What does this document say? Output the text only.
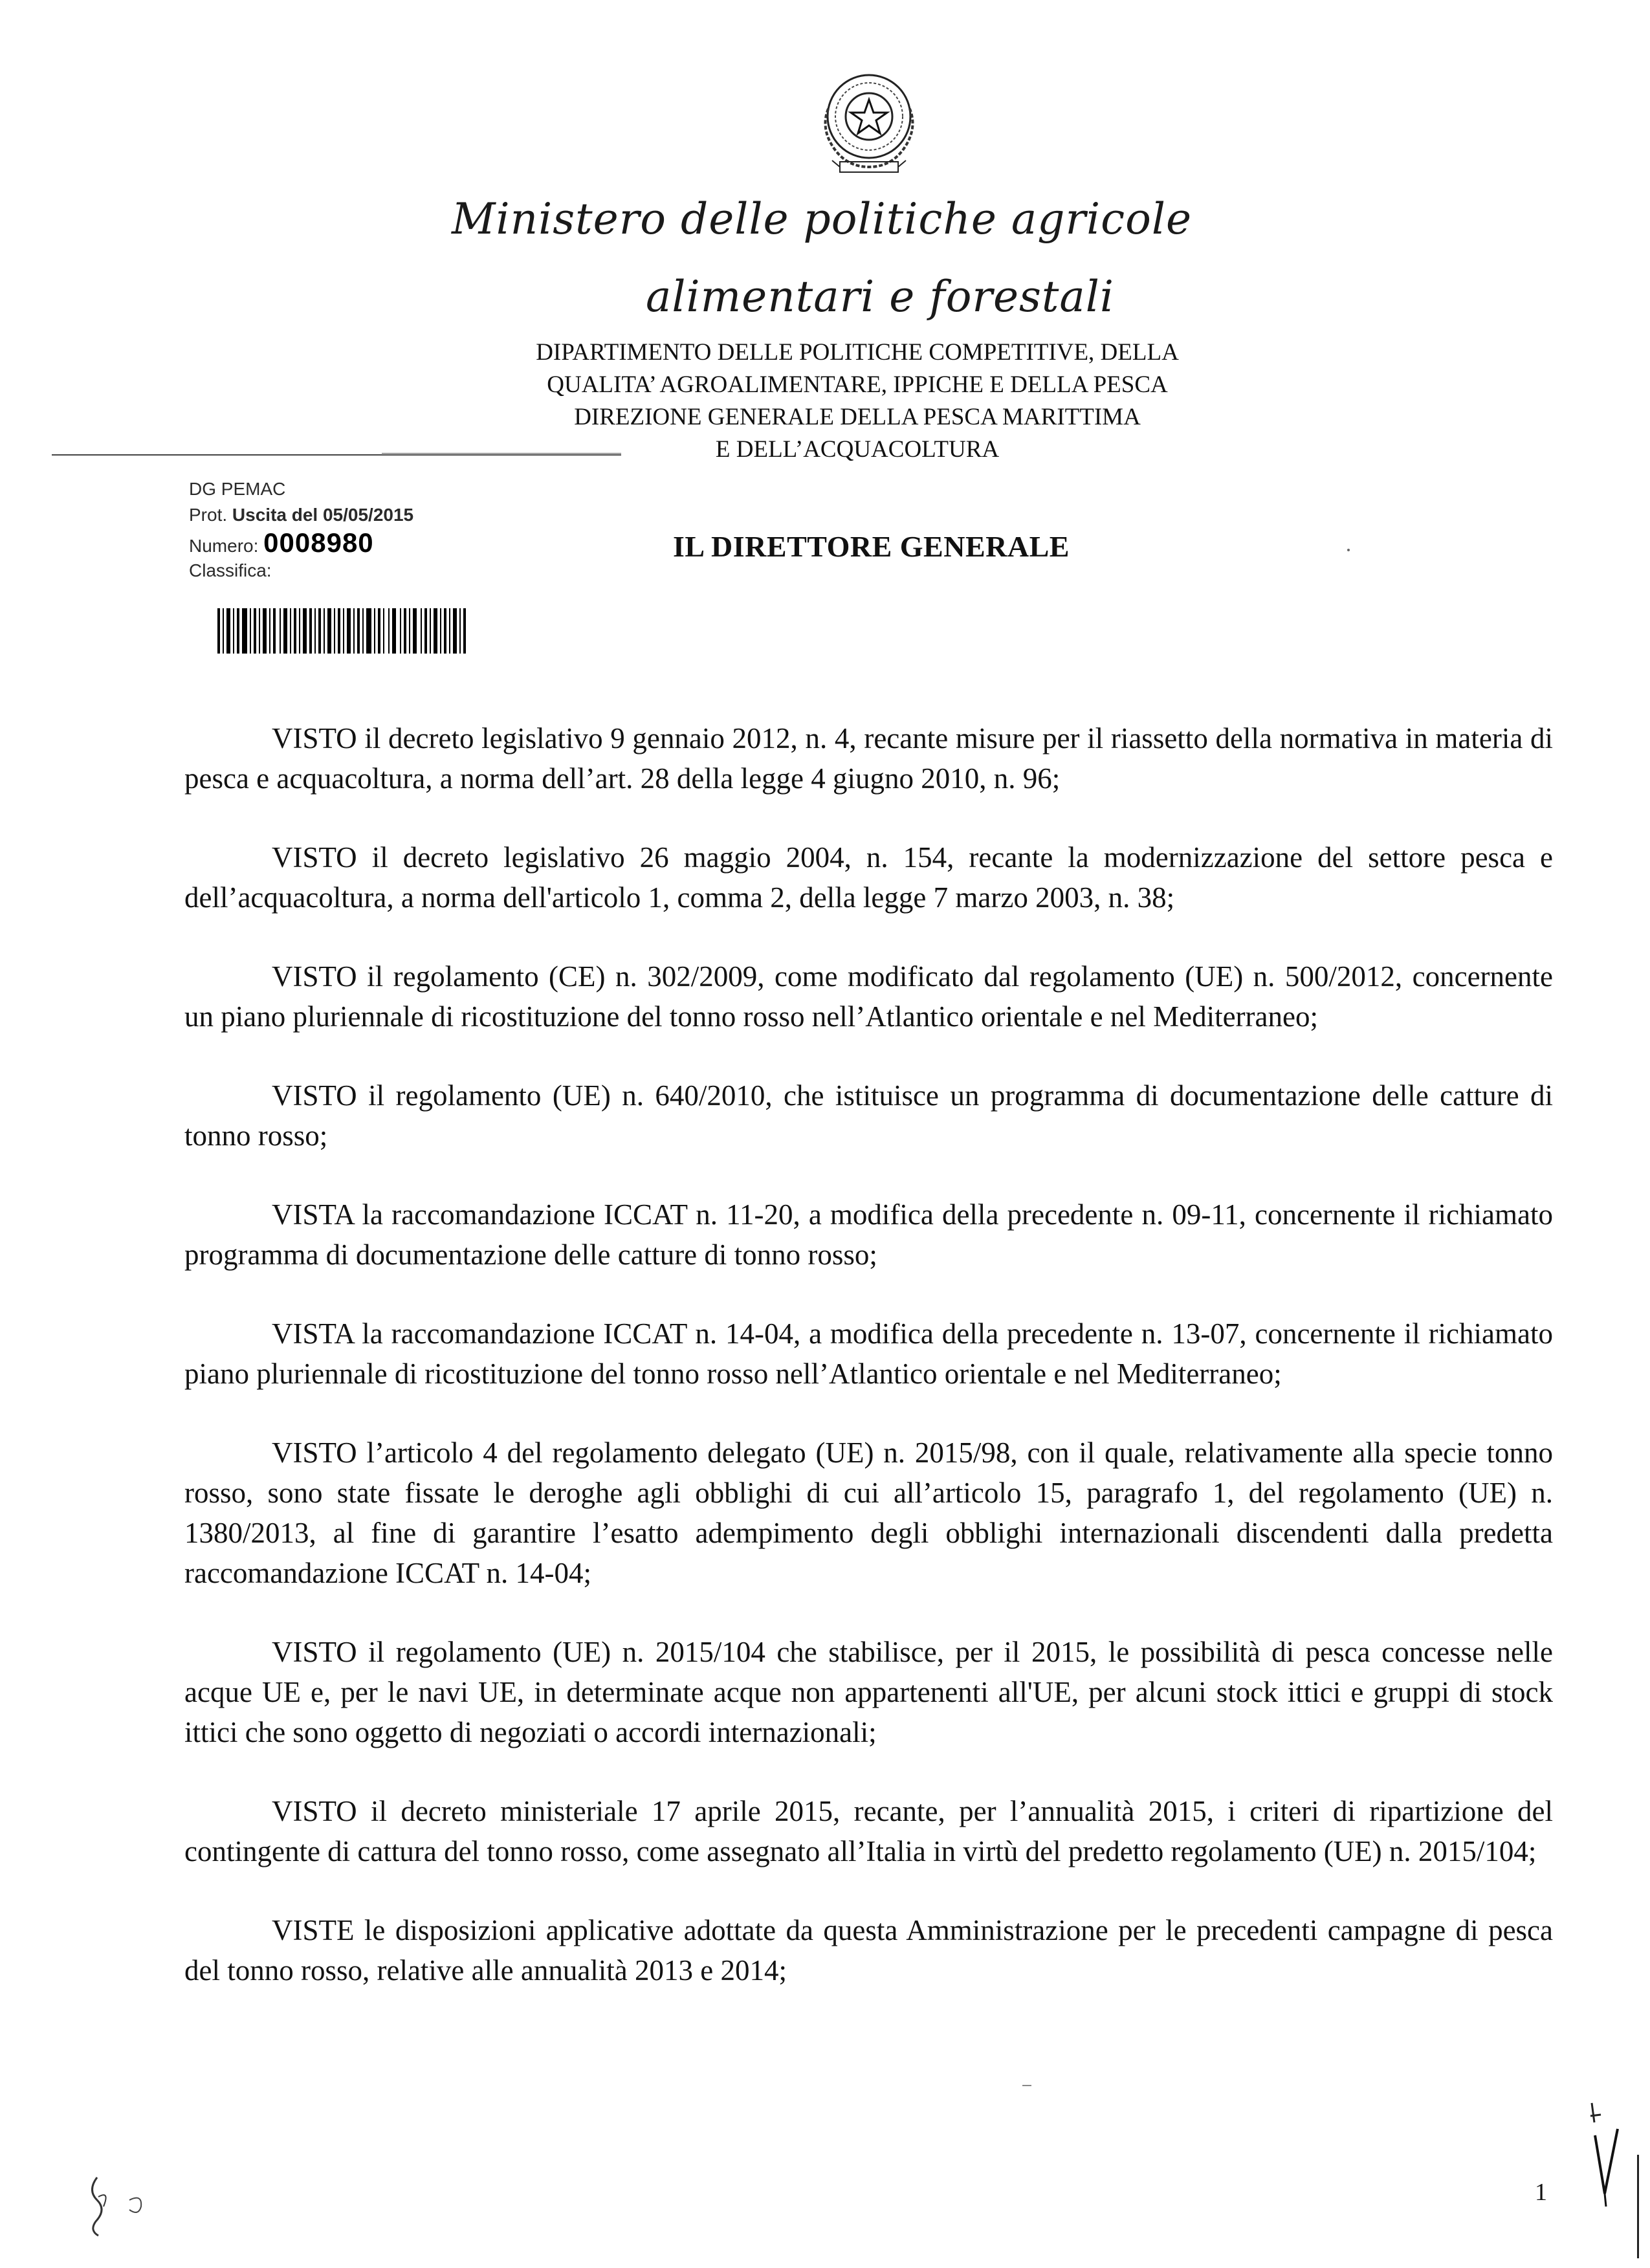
Ministero delle politiche agricole
alimentari e forestali
DIPARTIMENTO DELLE POLITICHE COMPETITIVE, DELLA
QUALITA’ AGROALIMENTARE, IPPICHE E DELLA PESCA
DIREZIONE GENERALE DELLA PESCA MARITTIMA
E DELL’ACQUACOLTURA
DG PEMAC
Prot. Uscita del 05/05/2015
Numero: 0008980
Classifica:
IL DIRETTORE GENERALE

VISTO il decreto legislativo 9 gennaio 2012, n. 4, recante misure per il riassetto della normativa in materia di pesca e acquacoltura, a norma dell’art. 28 della legge 4 giugno 2010, n. 96;

VISTO il decreto legislativo 26 maggio 2004, n. 154, recante la modernizzazione del settore pesca e dell’acquacoltura, a norma dell'articolo 1, comma 2, della legge 7 marzo 2003, n. 38;

VISTO il regolamento (CE) n. 302/2009, come modificato dal regolamento (UE) n. 500/2012, concernente un piano pluriennale di ricostituzione del tonno rosso nell’Atlantico orientale e nel Mediterraneo;

VISTO il regolamento (UE) n. 640/2010, che istituisce un programma di documentazione delle catture di tonno rosso;

VISTA la raccomandazione ICCAT n. 11-20, a modifica della precedente n. 09-11, concernente il richiamato programma di documentazione delle catture di tonno rosso;

VISTA la raccomandazione ICCAT n. 14-04, a modifica della precedente n. 13-07, concernente il richiamato piano pluriennale di ricostituzione del tonno rosso nell’Atlantico orientale e nel Mediterraneo;

VISTO l’articolo 4 del regolamento delegato (UE) n. 2015/98, con il quale, relativamente alla specie tonno rosso, sono state fissate le deroghe agli obblighi di cui all’articolo 15, paragrafo 1, del regolamento (UE) n. 1380/2013, al fine di garantire l’esatto adempimento degli obblighi internazionali discendenti dalla predetta raccomandazione ICCAT n. 14-04;

VISTO il regolamento (UE) n. 2015/104 che stabilisce, per il 2015, le possibilità di pesca concesse nelle acque UE e, per le navi UE, in determinate acque non appartenenti all'UE, per alcuni stock ittici e gruppi di stock ittici che sono oggetto di negoziati o accordi internazionali;

VISTO il decreto ministeriale 17 aprile 2015, recante, per l’annualità 2015, i criteri di ripartizione del contingente di cattura del tonno rosso, come assegnato all’Italia in virtù del predetto regolamento (UE) n. 2015/104;

VISTE le disposizioni applicative adottate da questa Amministrazione per le precedenti campagne di pesca del tonno rosso, relative alle annualità 2013 e 2014;

1
